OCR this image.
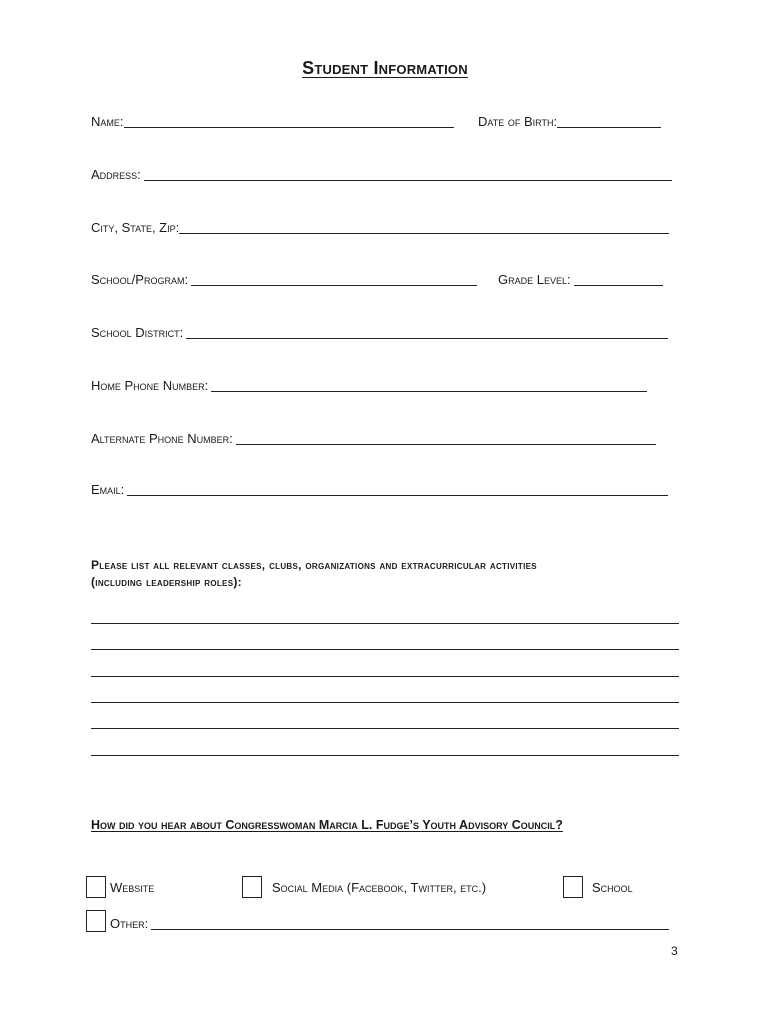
Student Information
Name:	Date of Birth:
Address:
City, State, Zip:
School/Program:	Grade Level:
School District:
Home Phone Number:
Alternate Phone Number:
Email:
Please list all relevant classes, clubs, organizations and extracurricular activities
(including leadership roles):
How did you hear about Congresswoman Marcia L. Fudge’s Youth Advisory Council?
Website	Social Media (Facebook, Twitter, etc.)	School
Other:
3
